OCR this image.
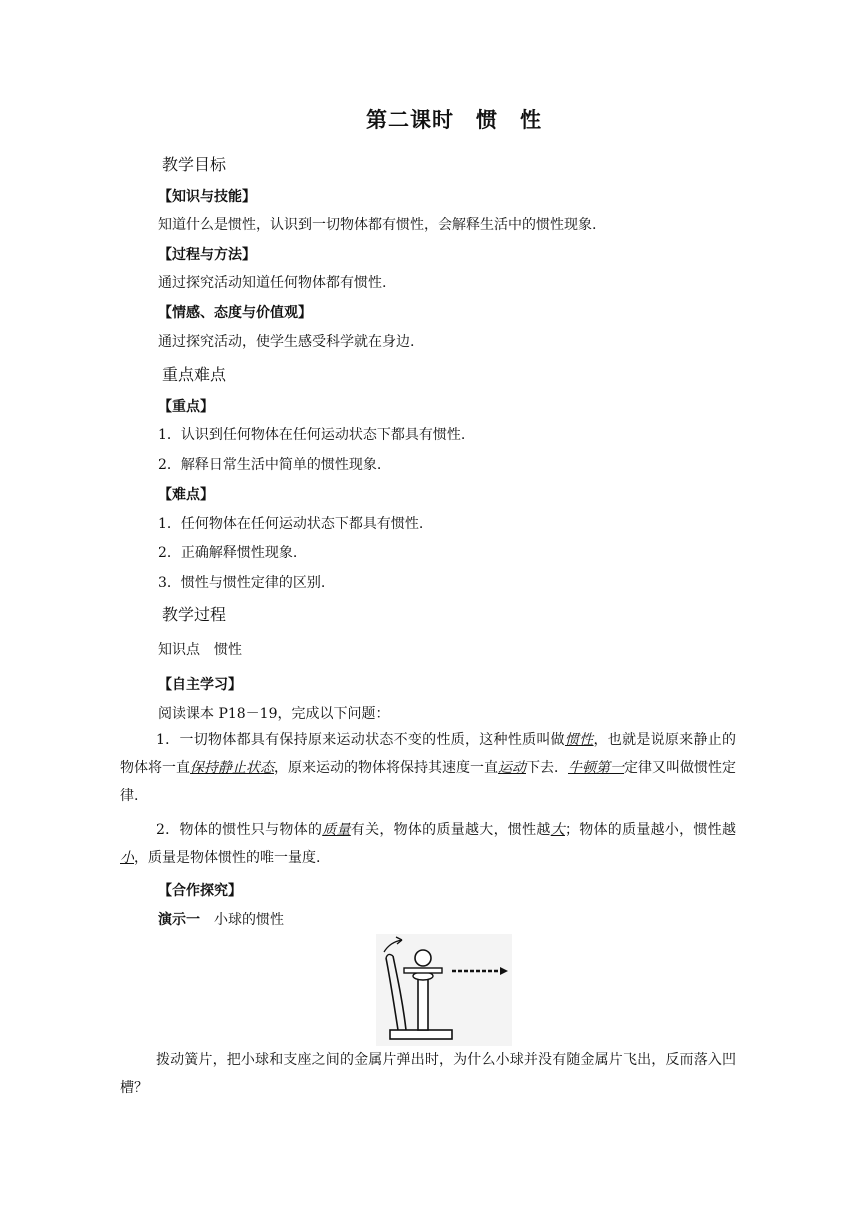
第二课时　惯　性
教学目标
【知识与技能】
知道什么是惯性，认识到一切物体都有惯性，会解释生活中的惯性现象.
【过程与方法】
通过探究活动知道任何物体都有惯性.
【情感、态度与价值观】
通过探究活动，使学生感受科学就在身边.
重点难点
【重点】
1．认识到任何物体在任何运动状态下都具有惯性.
2．解释日常生活中简单的惯性现象.
【难点】
1．任何物体在任何运动状态下都具有惯性.
2．正确解释惯性现象.
3．惯性与惯性定律的区别.
教学过程
知识点　惯性
【自主学习】
阅读课本 P18－19，完成以下问题：
1．一切物体都具有保持原来运动状态不变的性质，这种性质叫做惯性，也就是说原来静止的物体将一直保持静止状态，原来运动的物体将保持其速度一直运动下去．牛顿第一定律又叫做惯性定律.
2．物体的惯性只与物体的质量有关，物体的质量越大，惯性越大；物体的质量越小，惯性越小，质量是物体惯性的唯一量度.
【合作探究】
演示一　小球的惯性
拨动簧片，把小球和支座之间的金属片弹出时，为什么小球并没有随金属片飞出，反而落入凹槽？
